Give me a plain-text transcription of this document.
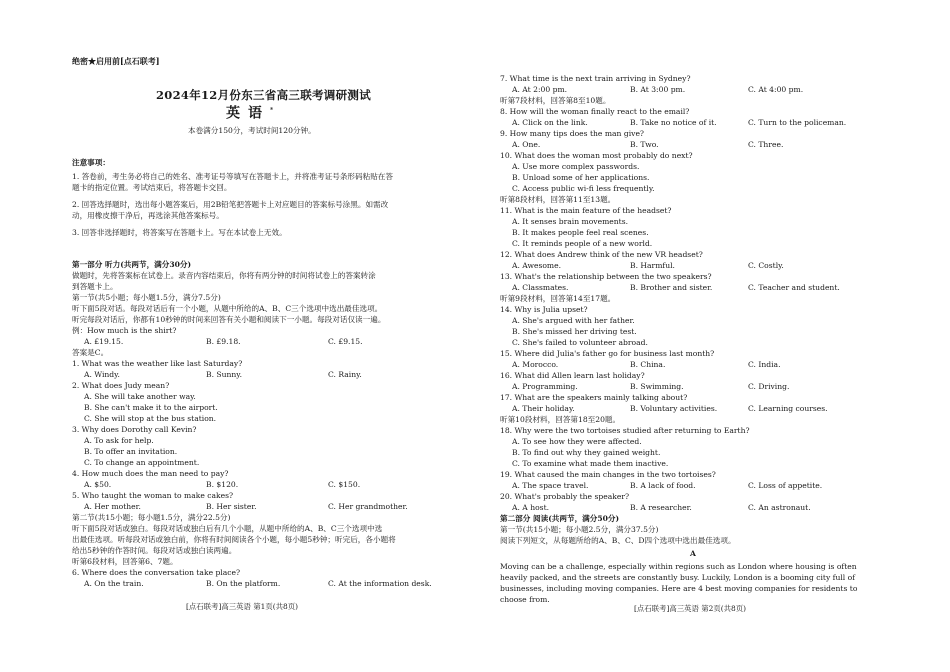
绝密★启用前[点石联考]
2024年12月份东三省高三联考调研测试
英语*
本卷满分150分，考试时间120分钟。
注意事项：
1. 答卷前，考生务必将自己的姓名、准考证号等填写在答题卡上，并将准考证号条形码粘贴在答
题卡的指定位置。考试结束后，将答题卡交回。
2. 回答选择题时，选出每小题答案后，用2B铅笔把答题卡上对应题目的答案标号涂黑。如需改
动，用橡皮擦干净后，再选涂其他答案标号。
3. 回答非选择题时，将答案写在答题卡上。写在本试卷上无效。
第一部分 听力(共两节，满分30分)
做题时，先将答案标在试卷上。录音内容结束后，你将有两分钟的时间将试卷上的答案转涂
到答题卡上。
第一节(共5小题；每小题1.5分，满分7.5分)
听下面5段对话。每段对话后有一个小题，从题中所给的A、B、C三个选项中选出最佳选项。
听完每段对话后，你都有10秒钟的时间来回答有关小题和阅读下一小题。每段对话仅读一遍。
例：How much is the shirt?
A. £19.15.	B. £9.18.	C. £9.15.
答案是C。
1. What was the weather like last Saturday?
A. Windy.	B. Sunny.	C. Rainy.
2. What does Judy mean?
A. She will take another way.
B. She can't make it to the airport.
C. She will stop at the bus station.
3. Why does Dorothy call Kevin?
A. To ask for help.
B. To offer an invitation.
C. To change an appointment.
4. How much does the man need to pay?
A. $50.	B. $120.	C. $150.
5. Who taught the woman to make cakes?
A. Her mother.	B. Her sister.	C. Her grandmother.
第二节(共15小题；每小题1.5分，满分22.5分)
听下面5段对话或独白。每段对话或独白后有几个小题，从题中所给的A、B、C三个选项中选
出最佳选项。听每段对话或独白前，你将有时间阅读各个小题，每小题5秒钟；听完后，各小题将
给出5秒钟的作答时间。每段对话或独白读两遍。
听第6段材料，回答第6、7题。
6. Where does the conversation take place?
A. On the train.	B. On the platform.	C. At the information desk.
[点石联考]高三英语 第1页(共8页)
7. What time is the next train arriving in Sydney?
A. At 2:00 pm.	B. At 3:00 pm.	C. At 4:00 pm.
听第7段材料，回答第8至10题。
8. How will the woman finally react to the email?
A. Click on the link.	B. Take no notice of it.	C. Turn to the policeman.
9. How many tips does the man give?
A. One.	B. Two.	C. Three.
10. What does the woman most probably do next?
A. Use more complex passwords.
B. Unload some of her applications.
C. Access public wi-fi less frequently.
听第8段材料，回答第11至13题。
11. What is the main feature of the headset?
A. It senses brain movements.
B. It makes people feel real scenes.
C. It reminds people of a new world.
12. What does Andrew think of the new VR headset?
A. Awesome.	B. Harmful.	C. Costly.
13. What's the relationship between the two speakers?
A. Classmates.	B. Brother and sister.	C. Teacher and student.
听第9段材料，回答第14至17题。
14. Why is Julia upset?
A. She's argued with her father.
B. She's missed her driving test.
C. She's failed to volunteer abroad.
15. Where did Julia's father go for business last month?
A. Morocco.	B. China.	C. India.
16. What did Allen learn last holiday?
A. Programming.	B. Swimming.	C. Driving.
17. What are the speakers mainly talking about?
A. Their holiday.	B. Voluntary activities.	C. Learning courses.
听第10段材料，回答第18至20题。
18. Why were the two tortoises studied after returning to Earth?
A. To see how they were affected.
B. To find out why they gained weight.
C. To examine what made them inactive.
19. What caused the main changes in the two tortoises?
A. The space travel.	B. A lack of food.	C. Loss of appetite.
20. What's probably the speaker?
A. A host.	B. A researcher.	C. An astronaut.
第二部分 阅读(共两节，满分50分)
第一节(共15小题；每小题2.5分，满分37.5分)
阅读下列短文，从每题所给的A、B、C、D四个选项中选出最佳选项。
A
Moving can be a challenge, especially within regions such as London where housing is often
heavily packed, and the streets are constantly busy. Luckily, London is a booming city full of
businesses, including moving companies. Here are 4 best moving companies for residents to
choose from.
[点石联考]高三英语 第2页(共8页)
